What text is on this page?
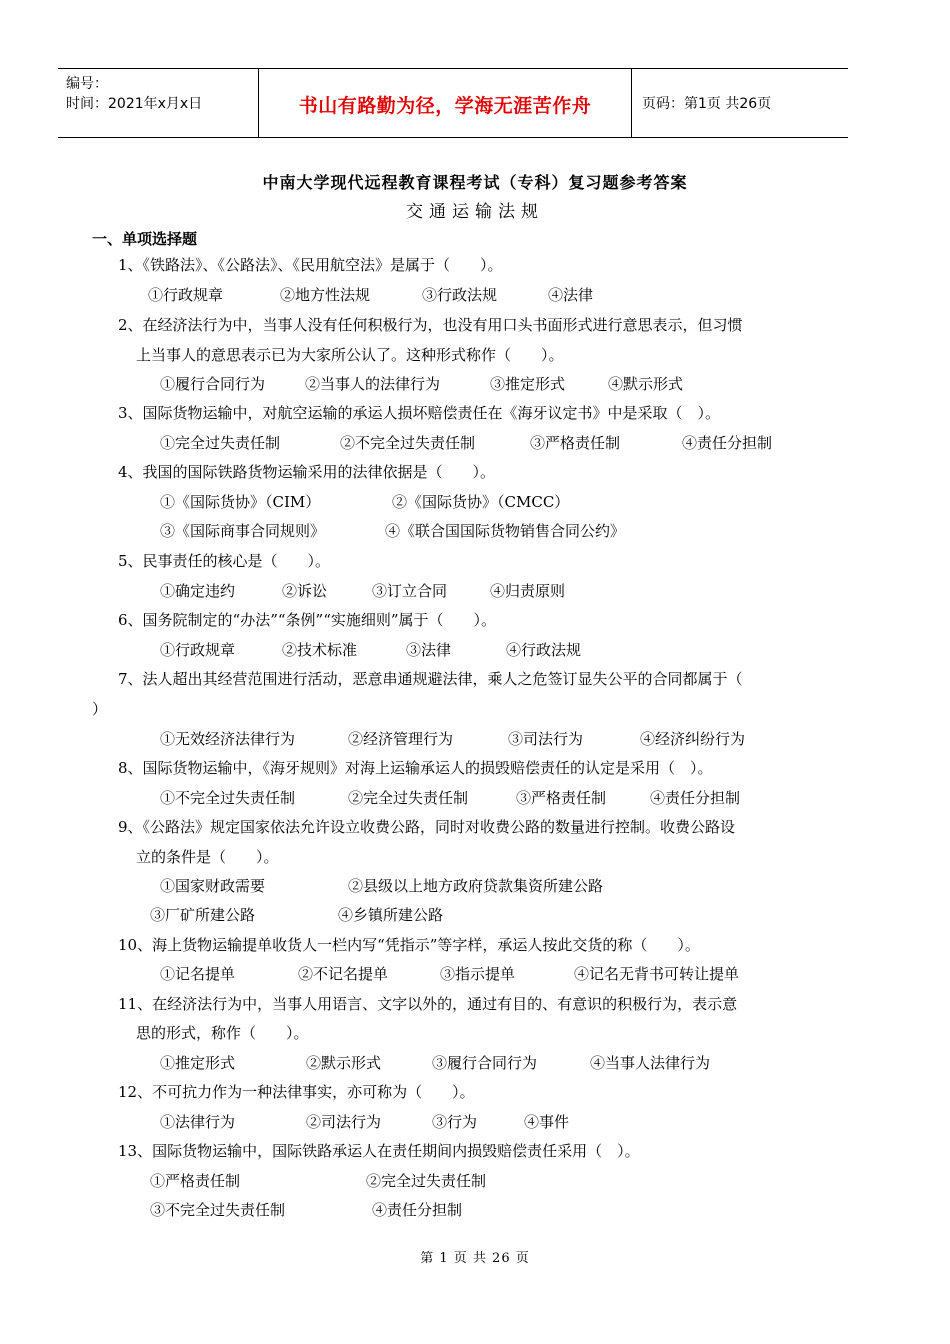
编号：
时间：2021年x月x日	书山有路勤为径，学海无涯苦作舟	页码：第1页 共26页
中南大学现代远程教育课程考试（专科）复习题参考答案
交通运输法规
一、单项选择题
1、《铁路法》、《公路法》、《民用航空法》是属于（　　）。
①行政规章	②地方性法规	③行政法规	④法律
2、在经济法行为中，当事人没有任何积极行为，也没有用口头书面形式进行意思表示，但习惯
上当事人的意思表示已为大家所公认了。这种形式称作（　　）。
①履行合同行为	②当事人的法律行为	③推定形式	④默示形式
3、国际货物运输中，对航空运输的承运人损坏赔偿责任在《海牙议定书》中是采取（　）。
①完全过失责任制	②不完全过失责任制	③严格责任制	④责任分担制
4、我国的国际铁路货物运输采用的法律依据是（　　）。
①《国际货协》（CIM）	②《国际货协》（CMCC）
③《国际商事合同规则》	④《联合国国际货物销售合同公约》
5、民事责任的核心是（　　）。
①确定违约	②诉讼	③订立合同	④归责原则
6、国务院制定的“办法”“条例”“实施细则”属于（　　）。
①行政规章	②技术标准	③法律	④行政法规
7、法人超出其经营范围进行活动，恶意串通规避法律，乘人之危签订显失公平的合同都属于（
）
①无效经济法律行为	②经济管理行为	③司法行为	④经济纠纷行为
8、国际货物运输中，《海牙规则》对海上运输承运人的损毁赔偿责任的认定是采用（　）。
①不完全过失责任制	②完全过失责任制	③严格责任制	④责任分担制
9、《公路法》规定国家依法允许设立收费公路，同时对收费公路的数量进行控制。收费公路设
立的条件是（　　）。
①国家财政需要	②县级以上地方政府贷款集资所建公路
③厂矿所建公路	④乡镇所建公路
10、海上货物运输提单收货人一栏内写“凭指示”等字样，承运人按此交货的称（　　）。
①记名提单	②不记名提单	③指示提单	④记名无背书可转让提单
11、在经济法行为中，当事人用语言、文字以外的，通过有目的、有意识的积极行为，表示意
思的形式，称作（　　）。
①推定形式	②默示形式	③履行合同行为	④当事人法律行为
12、不可抗力作为一种法律事实，亦可称为（　　）。
①法律行为	②司法行为	③行为	④事件
13、国际货物运输中，国际铁路承运人在责任期间内损毁赔偿责任采用（　）。
①严格责任制	②完全过失责任制
③不完全过失责任制	④责任分担制
第 1 页 共 26 页
